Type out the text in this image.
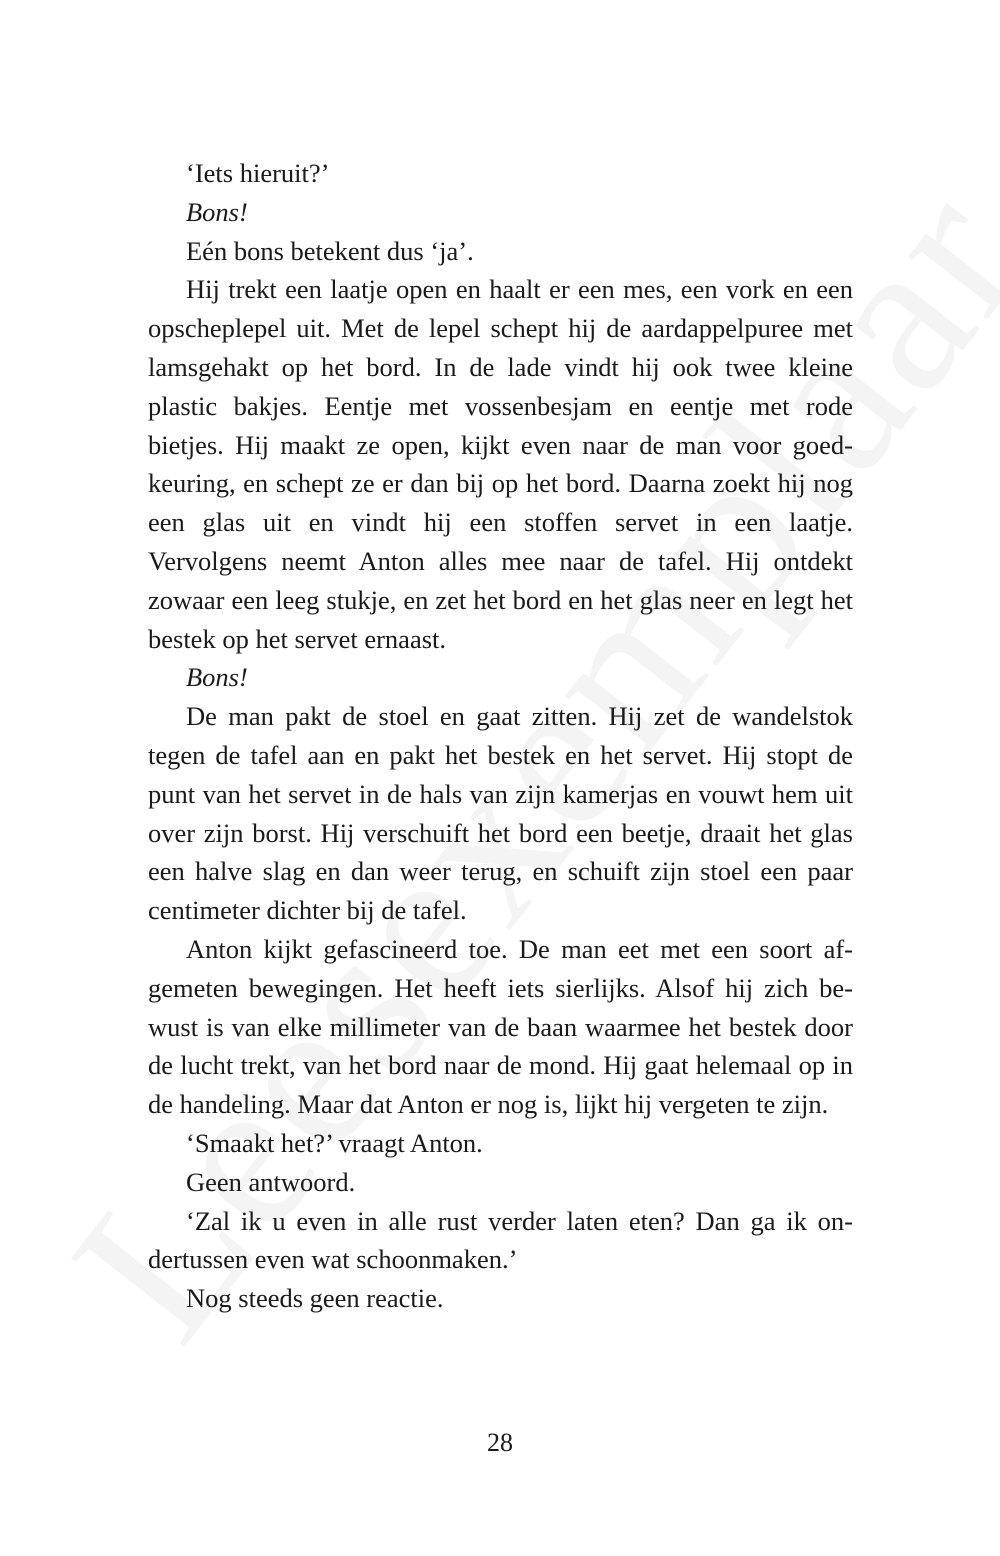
‘Iets hieruit?’

Bons!

Eén bons betekent dus ‘ja’.

Hij trekt een laatje open en haalt er een mes, een vork en een opscheplepel uit. Met de lepel schept hij de aardappelpuree met lamsgehakt op het bord. In de lade vindt hij ook twee kleine plastic bakjes. Eentje met vossenbesjam en eentje met rode bietjes. Hij maakt ze open, kijkt even naar de man voor goedkeuring, en schept ze er dan bij op het bord. Daarna zoekt hij nog een glas uit en vindt hij een stoffen servet in een laatje. Vervolgens neemt Anton alles mee naar de tafel. Hij ontdekt zowaar een leeg stukje, en zet het bord en het glas neer en legt het bestek op het servet ernaast.

Bons!

De man pakt de stoel en gaat zitten. Hij zet de wandelstok tegen de tafel aan en pakt het bestek en het servet. Hij stopt de punt van het servet in de hals van zijn kamerjas en vouwt hem uit over zijn borst. Hij verschuift het bord een beetje, draait het glas een halve slag en dan weer terug, en schuift zijn stoel een paar centimeter dichter bij de tafel.

Anton kijkt gefascineerd toe. De man eet met een soort afgemeten bewegingen. Het heeft iets sierlijks. Alsof hij zich bewust is van elke millimeter van de baan waarmee het bestek door de lucht trekt, van het bord naar de mond. Hij gaat helemaal op in de handeling. Maar dat Anton er nog is, lijkt hij vergeten te zijn.

‘Smaakt het?’ vraagt Anton.

Geen antwoord.

‘Zal ik u even in alle rust verder laten eten? Dan ga ik ondertussen even wat schoonmaken.’

Nog steeds geen reactie.

28
